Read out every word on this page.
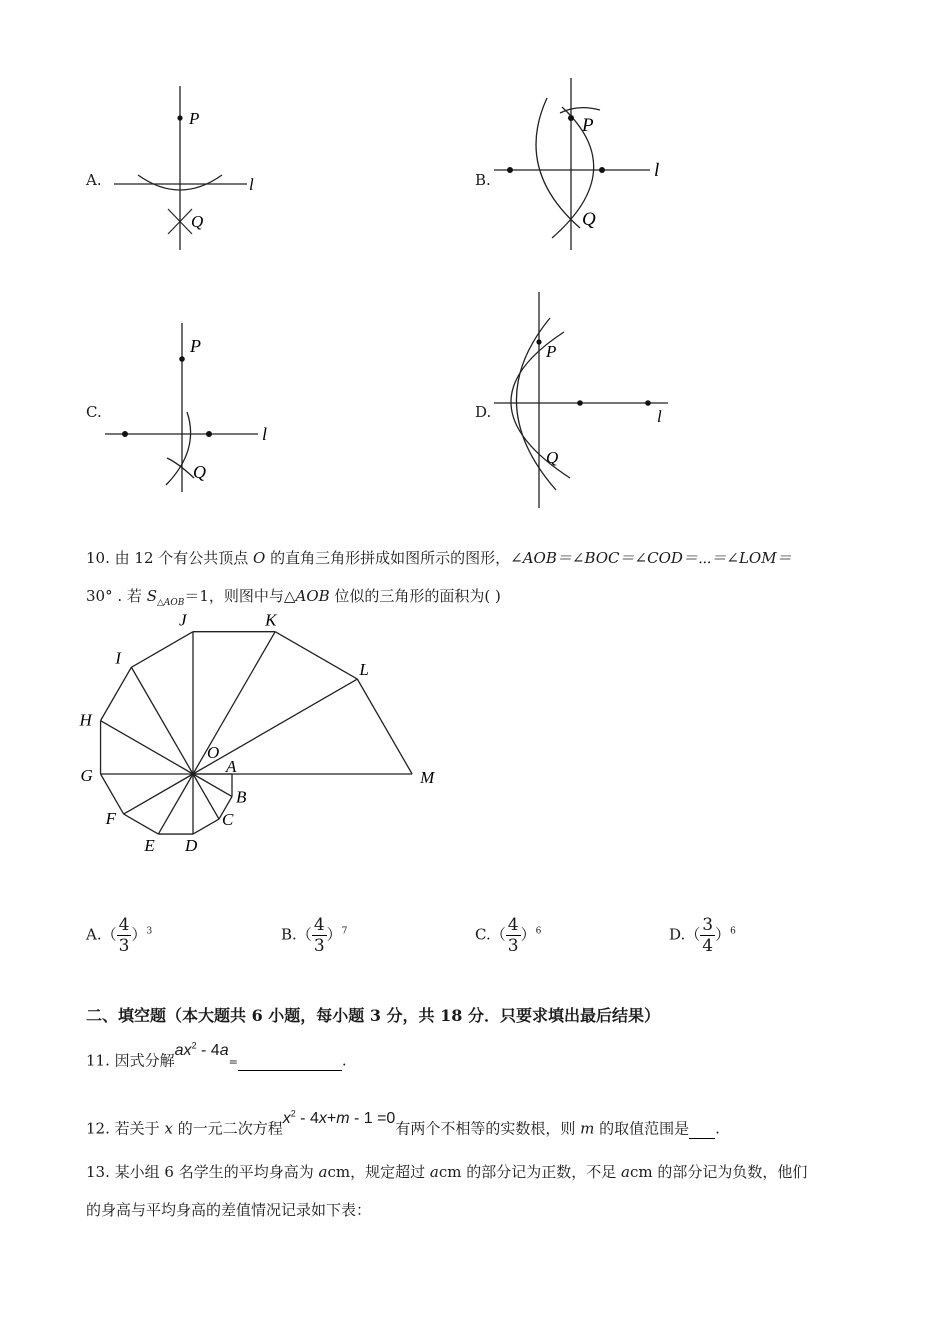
A.
P
Q
l	B.
P
Q
l
C.
P
Q
l
D.
P
Q
l
10. 由 12 个有公共顶点 O 的直角三角形拼成如图所示的图形，∠AOB＝∠BOC＝∠COD＝⋯＝∠LOM＝
30° . 若 $S_{\triangle AOB}=1$，则图中与△AOB 位似的三角形的面积为( )
J	K
I
L
H
O
A
G	M
B
F	C
E D
$A.( \frac{4}{3} )^3$	$B.( \frac{4}{3} )^7$	$C.( \frac{4}{3} )^6$	$D.( \frac{3}{4} )^6$
二、填空题（本大题共 6 小题，每小题 3 分，共 18 分．只要求填出最后结果）
11. 因式分解$ax^2 - 4a=$	.
12. 若关于 x 的一元二次方程$x^2 - 4x+m - 1 =0$有两个不相等的实数根，则 m 的取值范围是 .
13. 某小组 6 名学生的平均身高为 acm，规定超过 acm 的部分记为正数，不足 acm 的部分记为负数，他们
的身高与平均身高的差值情况记录如下表：
